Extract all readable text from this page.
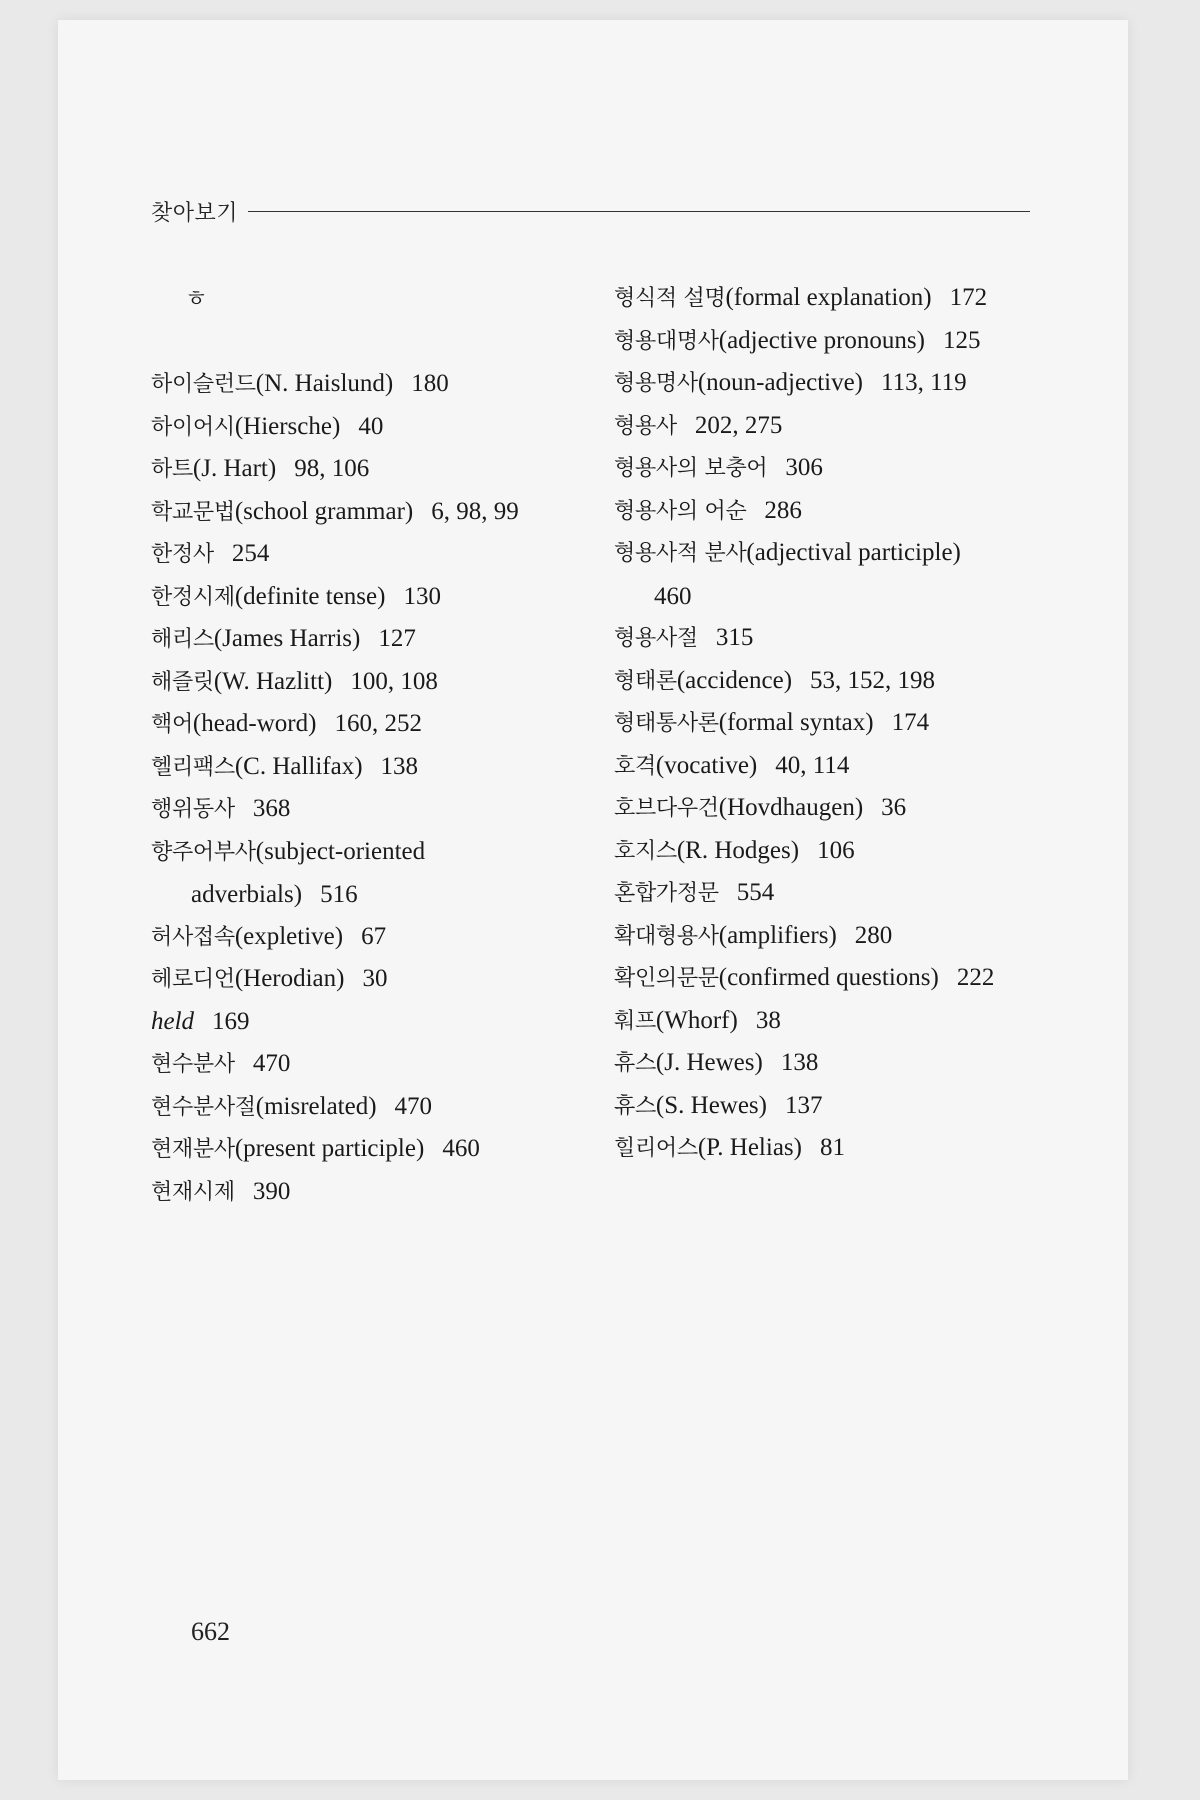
찾아보기
ㅎ
하이슬런드(N. Haislund) 180
하이어시(Hiersche) 40
하트(J. Hart) 98, 106
학교문법(school grammar) 6, 98, 99
한정사 254
한정시제(definite tense) 130
해리스(James Harris) 127
해즐릿(W. Hazlitt) 100, 108
핵어(head-word) 160, 252
헬리팩스(C. Hallifax) 138
행위동사 368
향주어부사(subject-oriented
adverbials) 516
허사접속(expletive) 67
헤로디언(Herodian) 30
held 169
현수분사 470
현수분사절(misrelated) 470
현재분사(present participle) 460
현재시제 390
형식적 설명(formal explanation) 172
형용대명사(adjective pronouns) 125
형용명사(noun-adjective) 113, 119
형용사 202, 275
형용사의 보충어 306
형용사의 어순 286
형용사적 분사(adjectival participle)
460
형용사절 315
형태론(accidence) 53, 152, 198
형태통사론(formal syntax) 174
호격(vocative) 40, 114
호브다우건(Hovdhaugen) 36
호지스(R. Hodges) 106
혼합가정문 554
확대형용사(amplifiers) 280
확인의문문(confirmed questions) 222
훠프(Whorf) 38
휴스(J. Hewes) 138
휴스(S. Hewes) 137
힐리어스(P. Helias) 81
662
